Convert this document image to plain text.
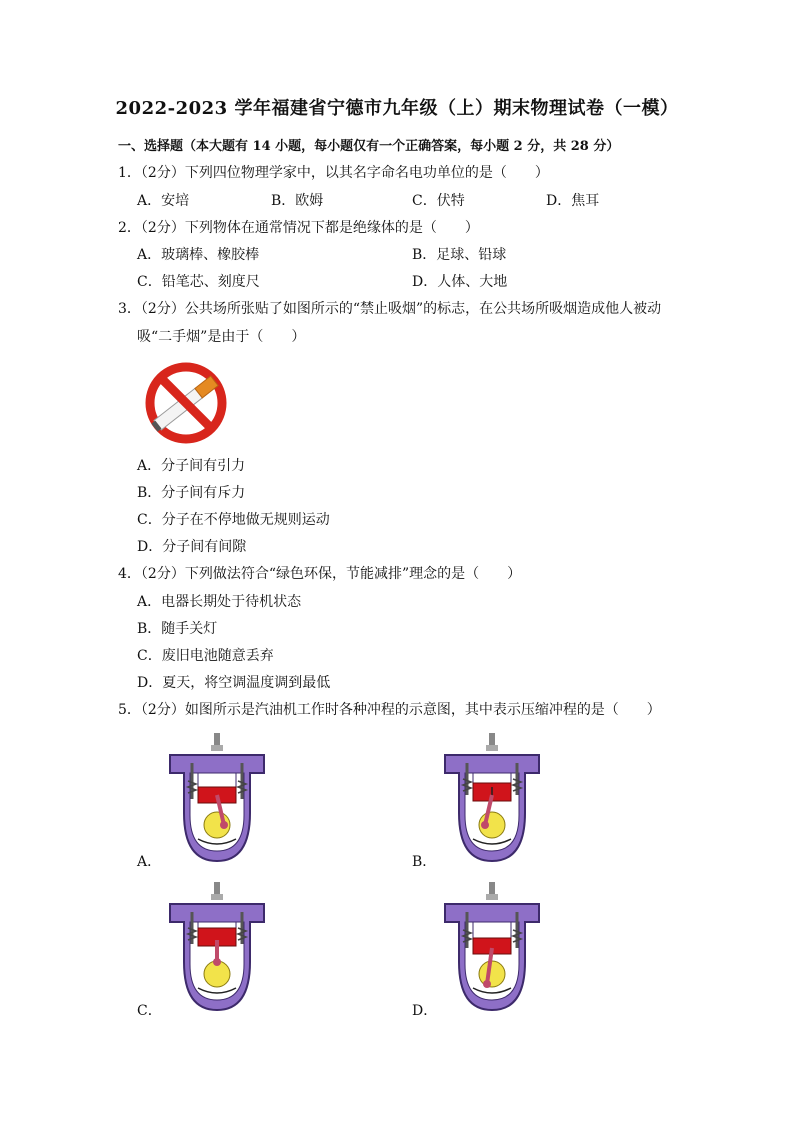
2022-2023 学年福建省宁德市九年级（上）期末物理试卷（一模）
一、选择题（本大题有 14 小题，每小题仅有一个正确答案，每小题 2 分，共 28 分）
1．（2分）下列四位物理学家中，以其名字命名电功单位的是（　　）
A．安培	B．欧姆	C．伏特	D．焦耳
2．（2分）下列物体在通常情况下都是绝缘体的是（　　）
A．玻璃棒、橡胶棒	B．足球、铅球
C．铅笔芯、刻度尺	D．人体、大地
3．（2分）公共场所张贴了如图所示的“禁止吸烟”的标志，在公共场所吸烟造成他人被动
吸“二手烟”是由于（　　）
A．分子间有引力
B．分子间有斥力
C．分子在不停地做无规则运动
D．分子间有间隙
4．（2分）下列做法符合“绿色环保，节能减排”理念的是（　　）
A．电器长期处于待机状态
B．随手关灯
C．废旧电池随意丢弃
D．夏天，将空调温度调到最低
5．（2分）如图所示是汽油机工作时各种冲程的示意图，其中表示压缩冲程的是（　　）
A．	B．
C．	D．
